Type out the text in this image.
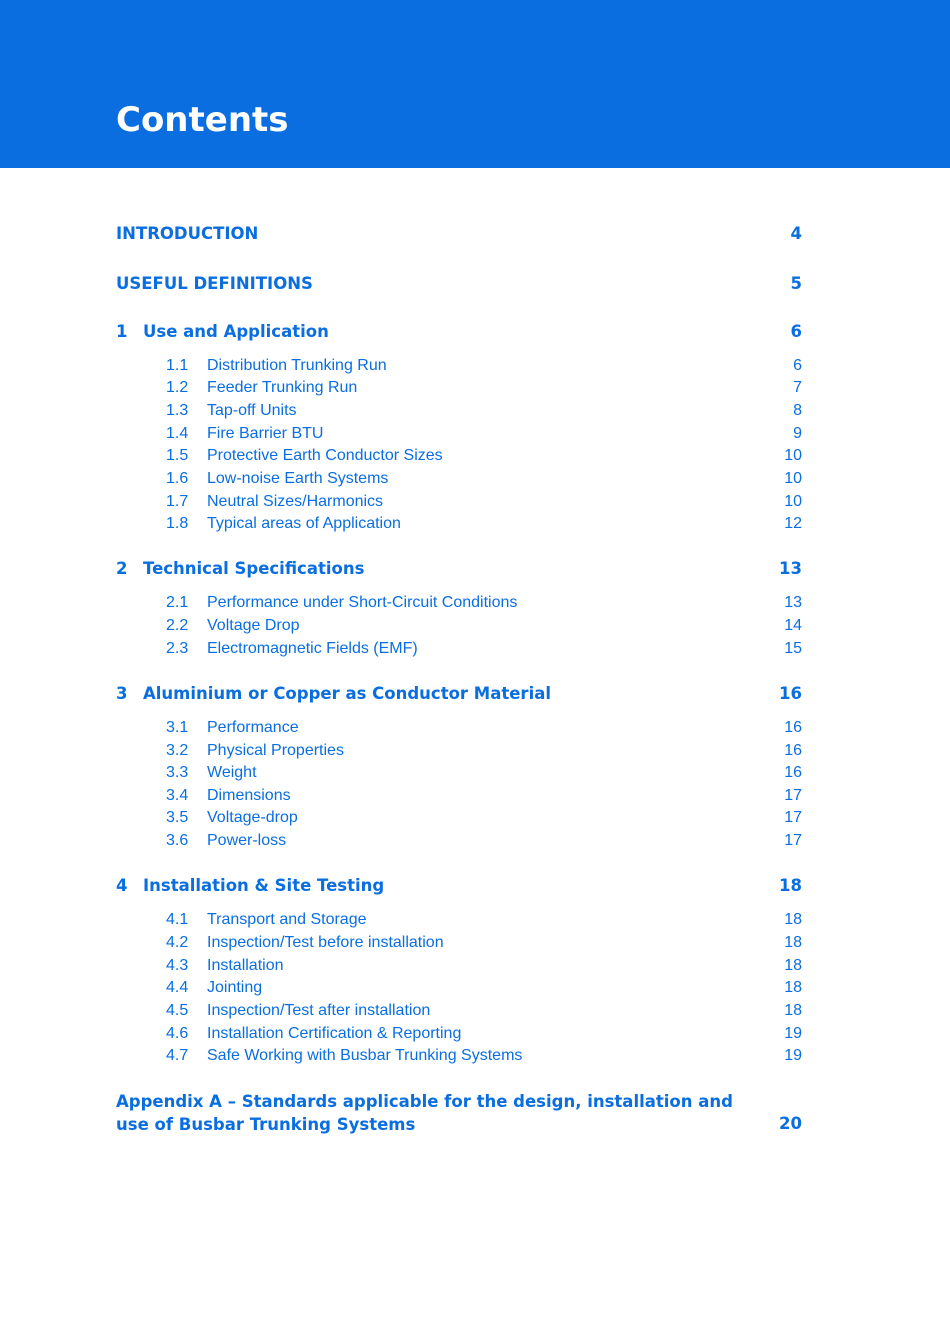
Contents
INTRODUCTION	4
USEFUL DEFINITIONS	5
1 Use and Application	6
1.1 Distribution Trunking Run	6
1.2 Feeder Trunking Run	7
1.3 Tap-off Units	8
1.4 Fire Barrier BTU	9
1.5 Protective Earth Conductor Sizes	10
1.6 Low-noise Earth Systems	10
1.7 Neutral Sizes/Harmonics	10
1.8 Typical areas of Application	12
2 Technical Specifications	13
2.1 Performance under Short-Circuit Conditions	13
2.2 Voltage Drop	14
2.3 Electromagnetic Fields (EMF)	15
3 Aluminium or Copper as Conductor Material	16
3.1 Performance	16
3.2 Physical Properties	16
3.3 Weight	16
3.4 Dimensions	17
3.5 Voltage-drop	17
3.6 Power-loss	17
4 Installation & Site Testing	18
4.1 Transport and Storage	18
4.2 Inspection/Test before installation	18
4.3 Installation	18
4.4 Jointing	18
4.5 Inspection/Test after installation	18
4.6 Installation Certification & Reporting	19
4.7 Safe Working with Busbar Trunking Systems	19
Appendix A – Standards applicable for the design, installation and
use of Busbar Trunking Systems	20
